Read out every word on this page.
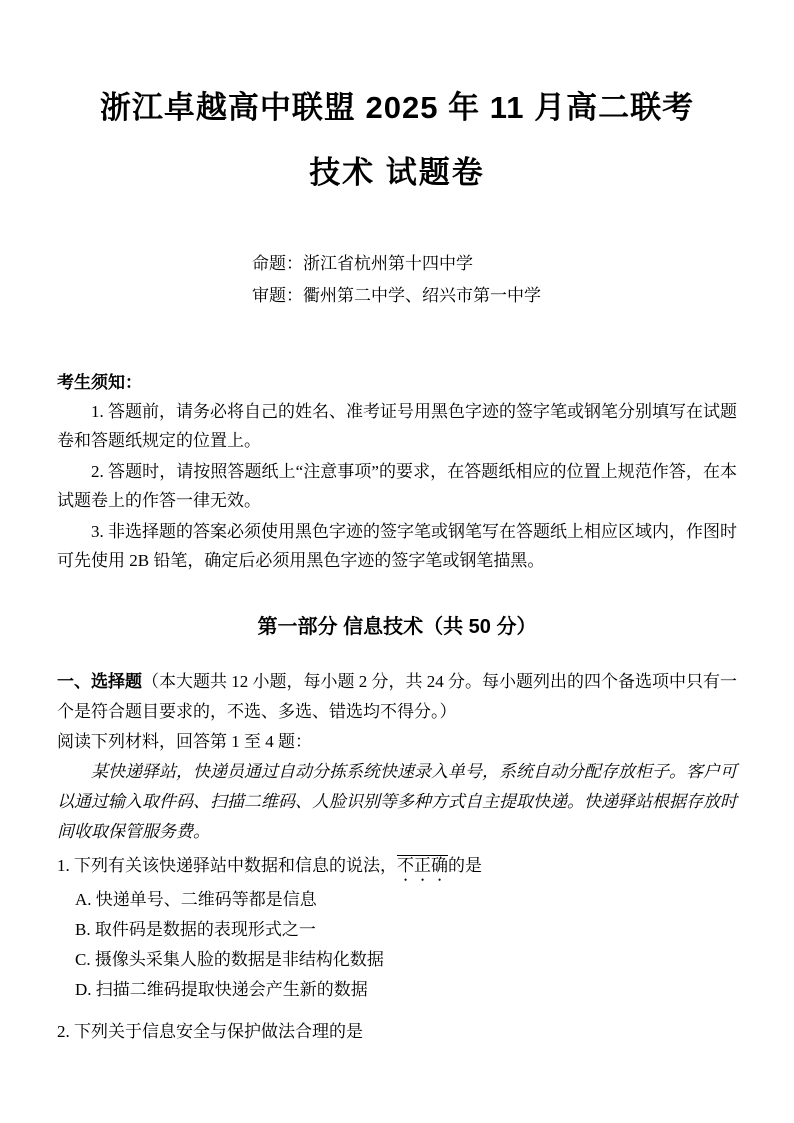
浙江卓越高中联盟 2025 年 11 月高二联考
技术 试题卷
命题：浙江省杭州第十四中学
审题：衢州第二中学、绍兴市第一中学
考生须知：

1. 答题前，请务必将自己的姓名、准考证号用黑色字迹的签字笔或钢笔分别填写在试题卷和答题纸规定的位置上。

2. 答题时，请按照答题纸上“注意事项”的要求，在答题纸相应的位置上规范作答，在本试题卷上的作答一律无效。

3. 非选择题的答案必须使用黑色字迹的签字笔或钢笔写在答题纸上相应区域内，作图时可先使用 2B 铅笔，确定后必须用黑色字迹的签字笔或钢笔描黑。

第一部分 信息技术（共 50 分）
一、选择题（本大题共 12 小题，每小题 2 分，共 24 分。每小题列出的四个备选项中只有一个是符合题目要求的，不选、多选、错选均不得分。）
阅读下列材料，回答第 1 至 4 题：
某快递驿站，快递员通过自动分拣系统快速录入单号，系统自动分配存放柜子。客户可以通过输入取件码、扫描二维码、人脸识别等多种方式自主提取快递。快递驿站根据存放时间收取保管服务费。
1. 下列有关该快递驿站中数据和信息的说法，不正确的是
A. 快递单号、二维码等都是信息
B. 取件码是数据的表现形式之一
C. 摄像头采集人脸的数据是非结构化数据
D. 扫描二维码提取快递会产生新的数据
2. 下列关于信息安全与保护做法合理的是
